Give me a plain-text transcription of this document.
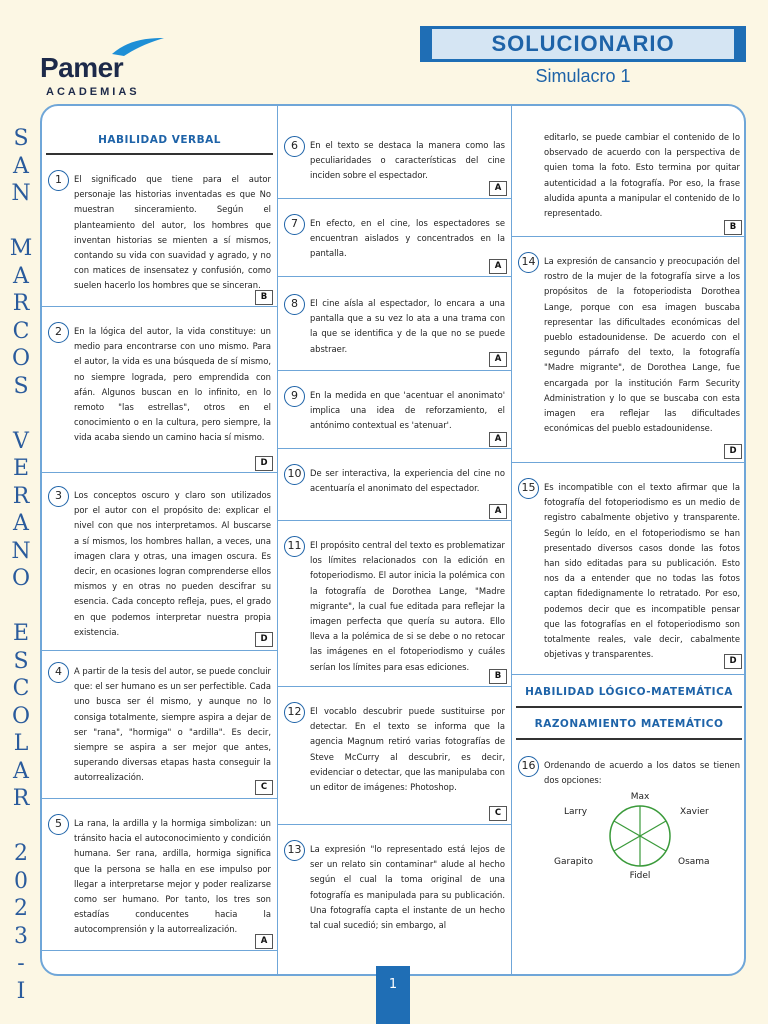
Pamer
ACADEMIAS
SOLUCIONARIO
Simulacro 1
S
A
N
M
A
R
C
O
S
V
E
R
A
N
O
E
S
C
O
L
A
R
2
0
2
3
-
I
HABILIDAD VERBAL
1	El significado que tiene para el autor personaje las historias inventadas es que No muestran sinceramiento. Según el planteamiento del autor, los hombres que inventan historias se mienten a sí mismos, contando su vida con suavidad y agrado, y no con matices de insensatez y confusión, como suelen hacerlo los hombres que se sinceran.
B
2	En la lógica del autor, la vida constituye: un medio para encontrarse con uno mismo. Para el autor, la vida es una búsqueda de sí mismo, no siempre lograda, pero emprendida con afán. Algunos buscan en lo infinito, en lo remoto "las estrellas", otros en el conocimiento o en la cultura, pero siempre, la vida acaba siendo un camino hacia sí mismo.
D
3	Los conceptos oscuro y claro son utilizados por el autor con el propósito de: explicar el nivel con que nos interpretamos. Al buscarse a sí mismos, los hombres hallan, a veces, una imagen clara y otras, una imagen oscura. Es decir, en ocasiones logran comprenderse ellos mismos y en otras no pueden descifrar su esencia. Cada concepto refleja, pues, el grado en que podemos interpretar nuestra propia existencia.
D
4	A partir de la tesis del autor, se puede concluir que: el ser humano es un ser perfectible. Cada uno busca ser él mismo, y aunque no lo consiga totalmente, siempre aspira a dejar de ser "rana", "hormiga" o "ardilla". Es decir, siempre se aspira a ser mejor que antes, superando diversas etapas hasta conseguir la autorrealización.
C
5	La rana, la ardilla y la hormiga simbolizan: un tránsito hacia el autoconocimiento y condición humana. Ser rana, ardilla, hormiga significa que la persona se halla en ese impulso por llegar a interpretarse mejor y poder realizarse como ser humano. Por tanto, los tres son estadías conducentes hacia la autocomprensión y la autorrealización.
A
6	En el texto se destaca la manera como las peculiaridades o características del cine inciden sobre el espectador.
A
7	En efecto, en el cine, los espectadores se encuentran aislados y concentrados en la pantalla.
A
8	El cine aísla al espectador, lo encara a una pantalla que a su vez lo ata a una trama con la que se identifica y de la que no se puede abstraer.
A
9	En la medida en que 'acentuar el anonimato' implica una idea de reforzamiento, el antónimo contextual es 'atenuar'.
A
10	De ser interactiva, la experiencia del cine no acentuaría el anonimato del espectador.
A
11	El propósito central del texto es problematizar los límites relacionados con la edición en fotoperiodismo. El autor inicia la polémica con la fotografía de Dorothea Lange, "Madre migrante", la cual fue editada para reflejar la imagen perfecta que quería su autora. Ello lleva a la polémica de si se debe o no retocar las imágenes en el fotoperiodismo y cuáles serían los límites para esas ediciones.
B
12	El vocablo descubrir puede sustituirse por detectar. En el texto se informa que la agencia Magnum retiró varias fotografías de Steve McCurry al descubrir, es decir, evidenciar o detectar, que las manipulaba con un editor de imágenes: Photoshop.
C
13	La expresión "lo representado está lejos de ser un relato sin contaminar" alude al hecho según el cual la toma original de una fotografía es manipulada para su publicación. Una fotografía capta el instante de un hecho tal cual sucedió; sin embargo, al
editarlo, se puede cambiar el contenido de lo observado de acuerdo con la perspectiva de quien toma la foto. Esto termina por quitar autenticidad a la fotografía. Por eso, la frase aludida apunta a manipular el contenido de lo representado.
B
14	La expresión de cansancio y preocupación del rostro de la mujer de la fotografía sirve a los propósitos de la fotoperiodista Dorothea Lange, porque con esa imagen buscaba representar las dificultades económicas del pueblo estadounidense. De acuerdo con el segundo párrafo del texto, la fotografía "Madre migrante", de Dorothea Lange, fue encargada por la institución Farm Security Administration y lo que se buscaba con esta imagen era reflejar las dificultades económicas del pueblo estadounidense.
D
15	Es incompatible con el texto afirmar que la fotografía del fotoperiodismo es un medio de registro cabalmente objetivo y transparente. Según lo leído, en el fotoperiodismo se han presentado diversos casos donde las fotos han sido editadas para su publicación. Esto nos da a entender que no todas las fotos captan fidedignamente lo retratado. Por eso, podemos decir que es incompatible pensar que las fotografías en el fotoperiodismo son totalmente reales, vale decir, cabalmente objetivas y transparentes.
D
HABILIDAD LÓGICO-MATEMÁTICA
RAZONAMIENTO MATEMÁTICO
16	Ordenando de acuerdo a los datos se tienen dos opciones:
Max
Xavier
Osama
Fidel
Garapito
Larry
1
